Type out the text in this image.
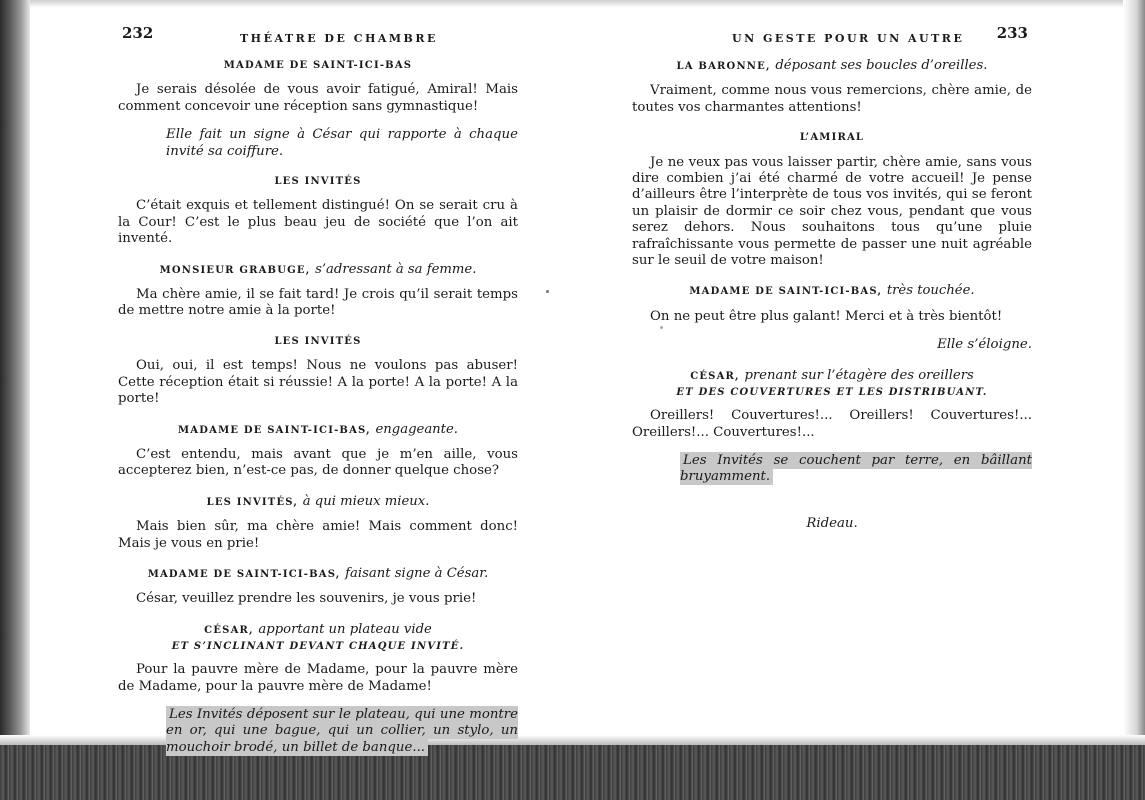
232	THÉATRE DE CHAMBRE
MADAME DE SAINT-ICI-BAS

Je serais désolée de vous avoir fatigué, Amiral! Mais comment concevoir une réception sans gymnastique!

Elle fait un signe à César qui rapporte à chaque invité sa coiffure.

LES INVITÉS

C’était exquis et tellement distingué! On se serait cru à la Cour! C’est le plus beau jeu de société que l’on ait inventé.

MONSIEUR GRABUGE, s’adressant à sa femme.

Ma chère amie, il se fait tard! Je crois qu’il serait temps de mettre notre amie à la porte!

LES INVITÉS

Oui, oui, il est temps! Nous ne voulons pas abuser! Cette réception était si réussie! A la porte! A la porte! A la porte!

MADAME DE SAINT-ICI-BAS, engageante.

C’est entendu, mais avant que je m’en aille, vous accepterez bien, n’est-ce pas, de donner quelque chose?

LES INVITÉS, à qui mieux mieux.

Mais bien sûr, ma chère amie! Mais comment donc! Mais je vous en prie!

MADAME DE SAINT-ICI-BAS, faisant signe à César.

César, veuillez prendre les souvenirs, je vous prie!

CÉSAR, apportant un plateau vide
ET S’INCLINANT DEVANT CHAQUE INVITÉ.

Pour la pauvre mère de Madame, pour la pauvre mère de Madame, pour la pauvre mère de Madame!

Les Invités déposent sur le plateau, qui une montre en or, qui une bague, qui un collier, un stylo, un mouchoir brodé, un billet de banque...

UN GESTE POUR UN AUTRE 233
LA BARONNE, déposant ses boucles d’oreilles.

Vraiment, comme nous vous remercions, chère amie, de toutes vos charmantes attentions!

L’AMIRAL

Je ne veux pas vous laisser partir, chère amie, sans vous dire combien j’ai été charmé de votre accueil! Je pense d’ailleurs être l’interprète de tous vos invités, qui se feront un plaisir de dormir ce soir chez vous, pendant que vous serez dehors. Nous souhaitons tous qu’une pluie rafraîchissante vous permette de passer une nuit agréable sur le seuil de votre maison!

MADAME DE SAINT-ICI-BAS, très touchée.

On ne peut être plus galant! Merci et à très bientôt!

Elle s’éloigne.

CÉSAR, prenant sur l’étagère des oreillers
ET DES COUVERTURES ET LES DISTRIBUANT.

Oreillers! Couvertures!... Oreillers! Couvertures!... Oreillers!... Couvertures!...

Les Invités se couchent par terre, en bâillant bruyamment.

Rideau.
